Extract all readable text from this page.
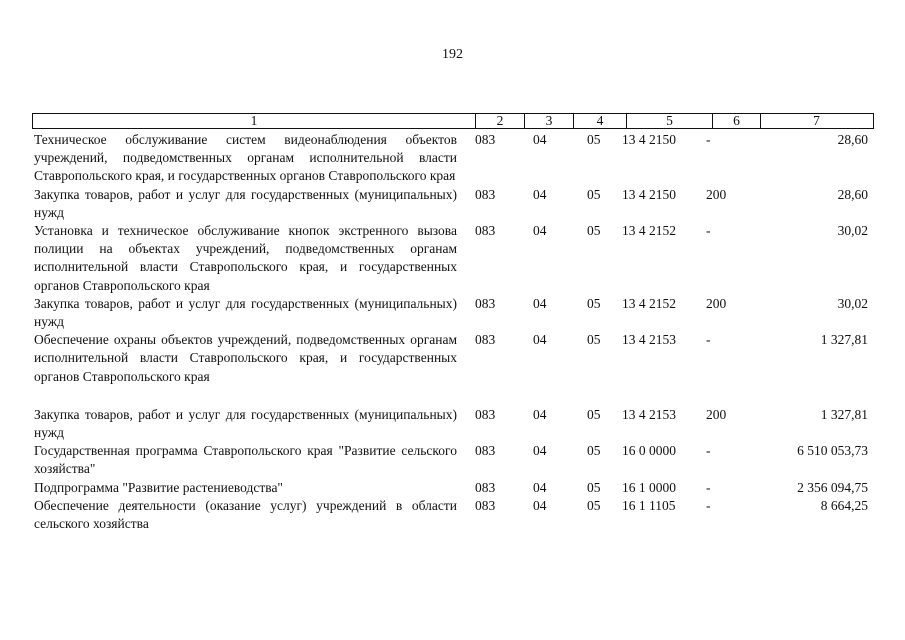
192
1	2	3	4	5	6	7
Техническое обслуживание систем видеонаблюдения объектов учреждений, подведомственных органам исполнительной власти Ставропольского края, и государственных органов Ставропольского края
083	04	05	13 4 2150	-	28,60
Закупка товаров, работ и услуг для государственных (муниципальных) нужд
083	04	05	13 4 2150	200	28,60
Установка и техническое обслуживание кнопок экстренного вызова полиции на объектах учреждений, подведомственных органам исполнительной власти Ставропольского края, и государственных органов Ставропольского края
083	04	05	13 4 2152	-	30,02
Закупка товаров, работ и услуг для государственных (муниципальных) нужд
083	04	05	13 4 2152	200	30,02
Обеспечение охраны объектов учреждений, подведомственных органам исполнительной власти Ставропольского края, и государственных органов Ставропольского края
083	04	05	13 4 2153	-	1 327,81
Закупка товаров, работ и услуг для государственных (муниципальных) нужд
083	04	05	13 4 2153	200	1 327,81
Государственная программа Ставропольского края "Развитие сельского хозяйства"
083	04	05	16 0 0000	-	6 510 053,73
Подпрограмма "Развитие растениеводства"	083	04	05	16 1 0000	-	2 356 094,75
Обеспечение деятельности (оказание услуг) учреждений в области сельского хозяйства
083	04	05	16 1 1105	-	8 664,25
